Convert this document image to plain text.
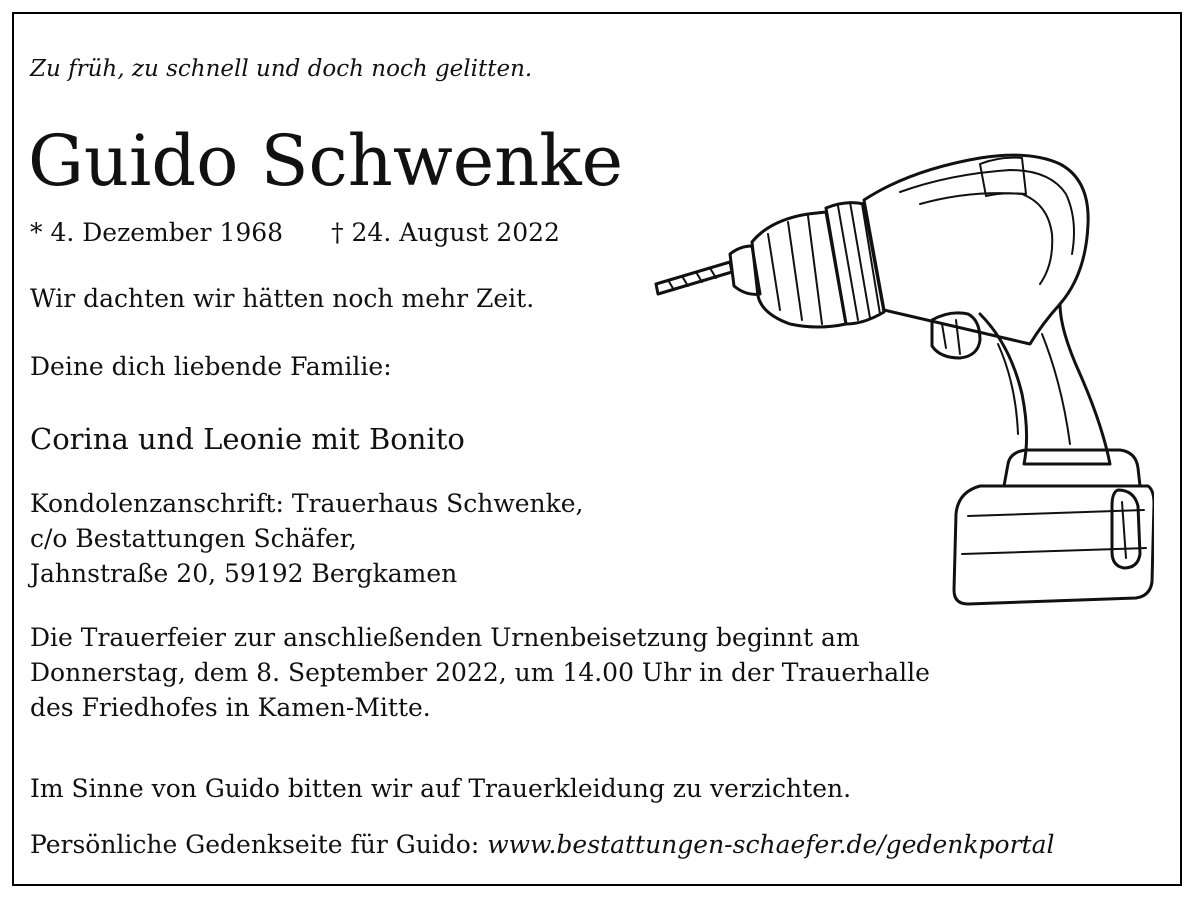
Zu früh, zu schnell und doch noch gelitten.
Guido Schwenke
* 4. Dezember 1968 † 24. August 2022
Wir dachten wir hätten noch mehr Zeit.
Deine dich liebende Familie:
Corina und Leonie mit Bonito
Kondolenzanschrift: Trauerhaus Schwenke,
c/o Bestattungen Schäfer,
Jahnstraße 20, 59192 Bergkamen
Die Trauerfeier zur anschließenden Urnenbeisetzung beginnt am
Donnerstag, dem 8. September 2022, um 14.00 Uhr in der Trauerhalle
des Friedhofes in Kamen-Mitte.
Im Sinne von Guido bitten wir auf Trauerkleidung zu verzichten.
Persönliche Gedenkseite für Guido: www.bestattungen-schaefer.de/gedenkportal
